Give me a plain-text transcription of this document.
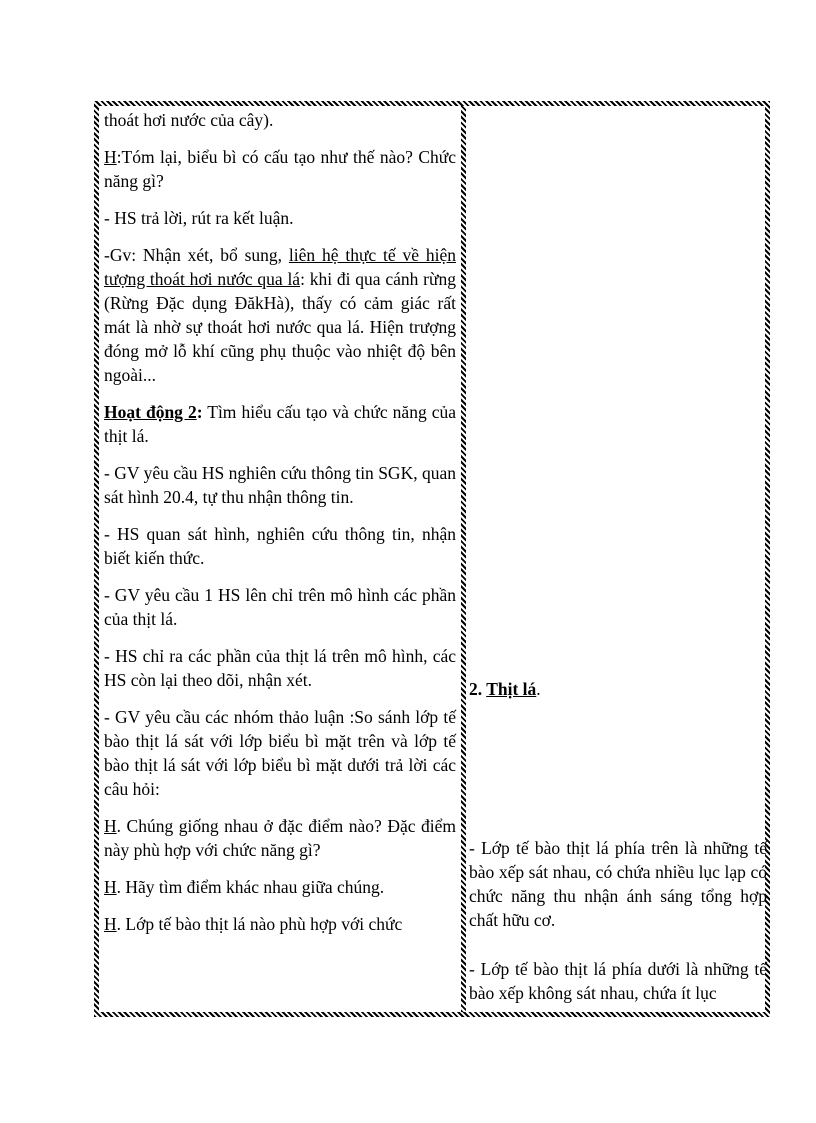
thoát hơi nước của cây).

H:Tóm lại, biểu bì có cấu tạo như thế nào? Chức năng gì?

- HS trả lời, rút ra kết luận.

-Gv: Nhận xét, bổ sung, liên hệ thực tế về hiện tượng thoát hơi nước qua lá: khi đi qua cánh rừng (Rừng Đặc dụng ĐăkHà), thấy có cảm giác rất mát là nhờ sự thoát hơi nước qua lá. Hiện trượng đóng mở lỗ khí cũng phụ thuộc vào nhiệt độ bên ngoài...

Hoạt động 2: Tìm hiểu cấu tạo và chức năng của thịt lá.

- GV yêu cầu HS nghiên cứu thông tin SGK, quan sát hình 20.4, tự thu nhận thông tin.

- HS quan sát hình, nghiên cứu thông tin, nhận biết kiến thức.

- GV yêu cầu 1 HS lên chỉ trên mô hình các phần của thịt lá.

- HS chỉ ra các phần của thịt lá trên mô hình, các HS còn lại theo dõi, nhận xét.

- GV yêu cầu các nhóm thảo luận :So sánh lớp tế bào thịt lá sát với lớp biểu bì mặt trên và lớp tế bào thịt lá sát với lớp biểu bì mặt dưới trả lời các câu hỏi:

H. Chúng giống nhau ở đặc điểm nào? Đặc điểm này phù hợp với chức năng gì?

H. Hãy tìm điểm khác nhau giữa chúng.

H. Lớp tế bào thịt lá nào phù hợp với chức

2. Thịt lá.

- Lớp tế bào thịt lá phía trên là những tế bào xếp sát nhau, có chứa nhiều lục lạp có chức năng thu nhận ánh sáng tổng hợp chất hữu cơ.

- Lớp tế bào thịt lá phía dưới là những tế bào xếp không sát nhau, chứa ít lục
